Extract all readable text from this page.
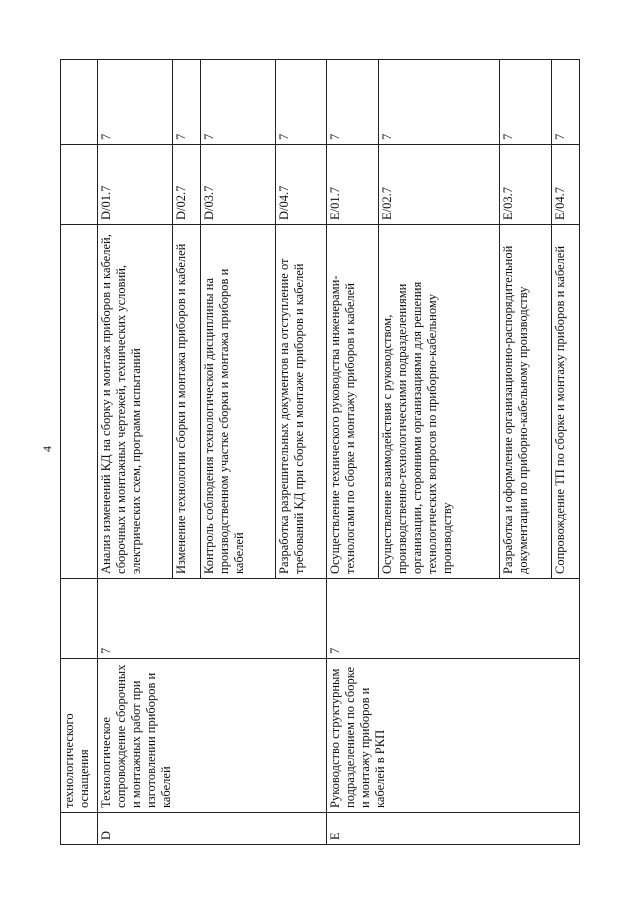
4
	технологического оснащения				
D	Технологическое сопровождение сборочных и монтажных работ при изготовлении приборов и кабелей	7	Анализ изменений КД на сборку и монтаж приборов и кабелей, сборочных и монтажных чертежей, технических условий, электрических схем, программ испытаний	D/01.7	7
			Изменение технологии сборки и монтажа приборов и кабелей	D/02.7	7
			Контроль соблюдения технологической дисциплины на производственном участке сборки и монтажа приборов и кабелей	D/03.7	7
			Разработка разрешительных документов на отступление от требований КД при сборке и монтаже приборов и кабелей	D/04.7	7
E	Руководство структурным подразделением по сборке и монтажу приборов и кабелей в РКП	7	Осуществление технического руководства инженерами-технологами по сборке и монтажу приборов и кабелей	E/01.7	7
			Осуществление взаимодействия с руководством, производственно-технологическими подразделениями организации, сторонними организациями для решения технологических вопросов по приборно-кабельному производству	E/02.7	7
			Разработка и оформление организационно-распорядительной документации по приборно-кабельному производству	E/03.7	7
			Сопровождение ТП по сборке и монтажу приборов и кабелей	E/04.7	7
